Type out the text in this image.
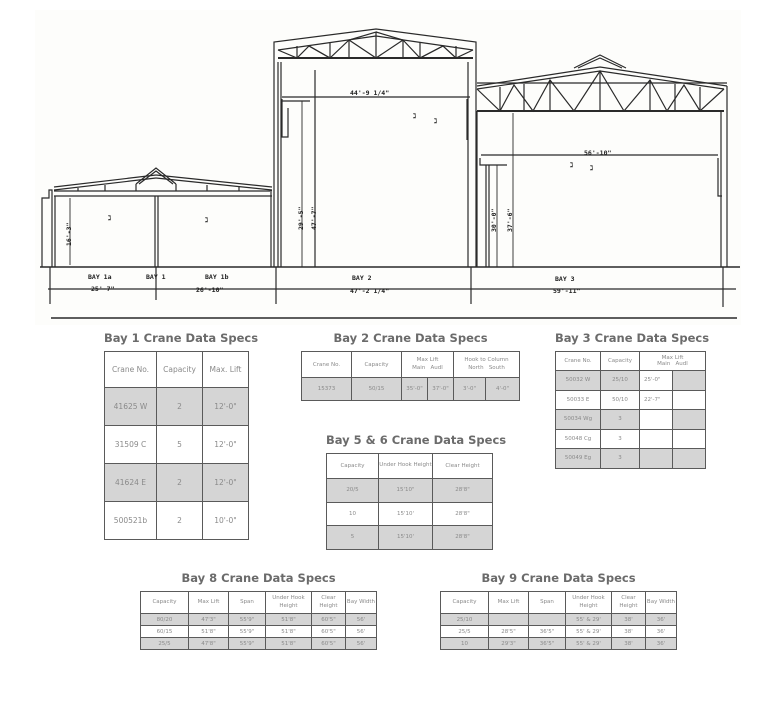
16'-3"
ℷ	ℷ
44'-9 1/4"
29'-5" 47'-7"
ℷ
ℷ
56'-10"
30'-0" 37'-6"
ℷ	ℷ
BAY 1a	BAY 1	BAY 1b	BAY 2	BAY 3
25'-7"	26'-10"	47'-2 1/4"	59'-11"
Bay 1 Crane Data Specs
Crane No.	Capacity	Max. Lift
41625 W	2	12'-0"
31509 C	5	12'-0"
41624 E	2	12'-0"
500521b	2	10'-0"
Bay 2 Crane Data Specs
Crane No.	Capacity	
Max Lift
Main   Audl

Hook to Column
North   South

15373	50/15	35'-0"	37'-0"	3'-0"	4'-0"
Bay 3 Crane Data Specs
Crane No.	Capacity	Max Lift
Main   Audl	

50032 W	25/10	25'-0"	
50033 E	50/10	22'-7"	
50034 Wg	3		
50048 Cg	3		
50049 Eg	3		
Bay 5 & 6 Crane Data Specs
Capacity	Under Hook Height	Clear Height
20/5	15'10"	28'8"
10	15'10'	28'8"
5	15'10'	28'8"
Bay 8 Crane Data Specs
Capacity	Max Lift	Span	Under Hook Height	Clear Height	Bay Width
80/20	47'3"	55'9"	51'8"	60'5"	56'
60/15	51'8"	55'9"	51'8"	60'5"	56'
25/5	47'8"	55'9"	51'8"	60'5"	56'
Bay 9 Crane Data Specs
Capacity	Max Lift	Span	Under Hook Height	Clear Height	Bay Width
25/10			55' & 29'	38'	36'
25/5	28'5"	36'5"	55' & 29'	38'	36'
10	29'3"	36'5"	55' & 29'	38'	36'
